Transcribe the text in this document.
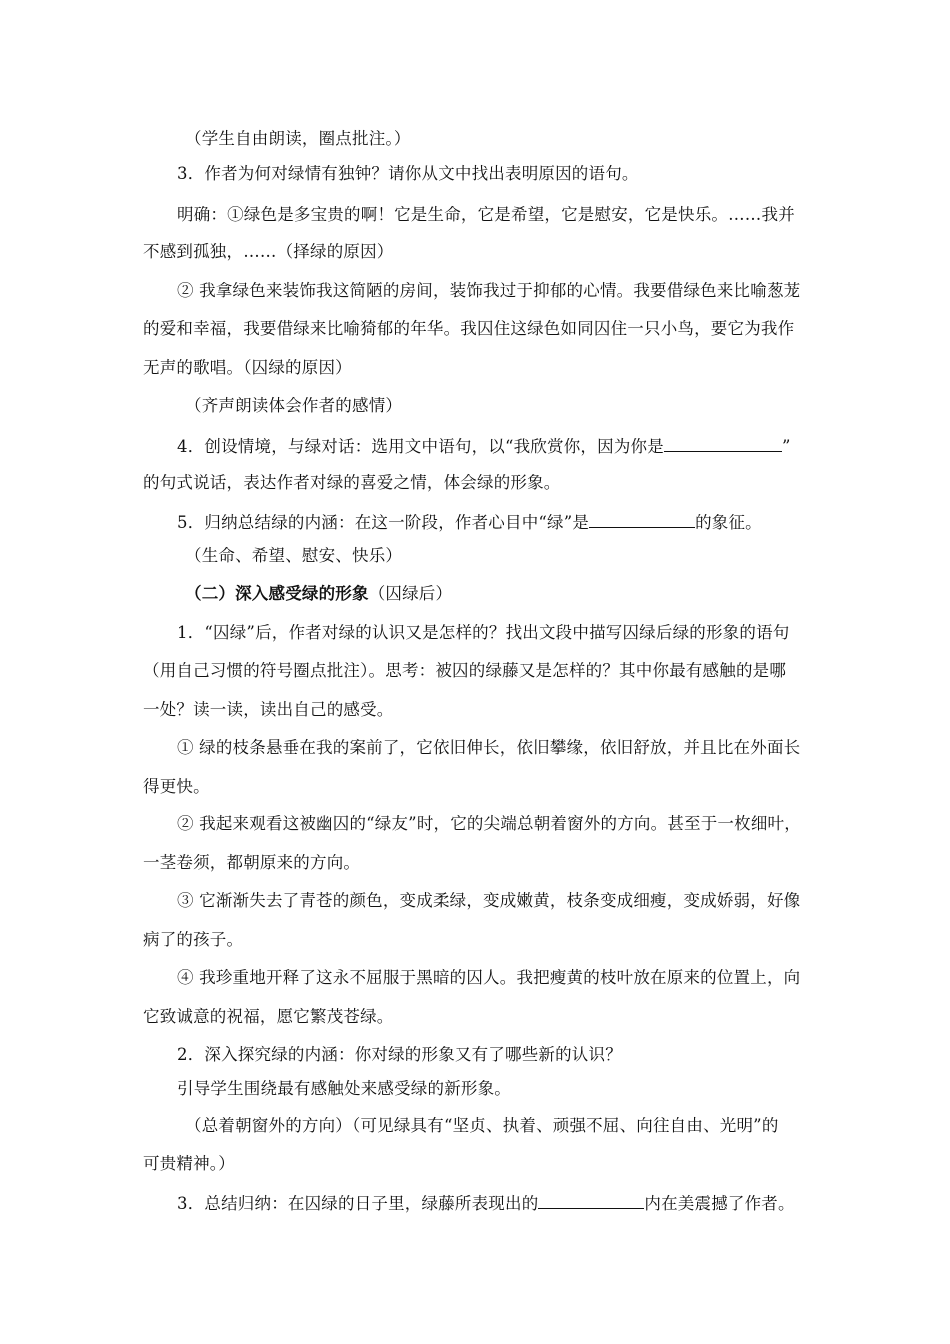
（学生自由朗读，圈点批注。）
3．作者为何对绿情有独钟？请你从文中找出表明原因的语句。
明确：①绿色是多宝贵的啊！它是生命，它是希望，它是慰安，它是快乐。……我并
不感到孤独，……（择绿的原因）
② 我拿绿色来装饰我这简陋的房间，装饰我过于抑郁的心情。我要借绿色来比喻葱茏
的爱和幸福，我要借绿来比喻猗郁的年华。我囚住这绿色如同囚住一只小鸟，要它为我作
无声的歌唱。（囚绿的原因）
（齐声朗读体会作者的感情）
4．创设情境，与绿对话：选用文中语句，以“我欣赏你，因为你是	”
的句式说话，表达作者对绿的喜爱之情，体会绿的形象。
5．归纳总结绿的内涵：在这一阶段，作者心目中“绿”是	的象征。
（生命、希望、慰安、快乐）
（二）深入感受绿的形象（囚绿后）
1．“囚绿”后，作者对绿的认识又是怎样的？找出文段中描写囚绿后绿的形象的语句
（用自己习惯的符号圈点批注）。思考：被囚的绿藤又是怎样的？其中你最有感触的是哪
一处？读一读，读出自己的感受。
① 绿的枝条悬垂在我的案前了，它依旧伸长，依旧攀缘，依旧舒放，并且比在外面长
得更快。
② 我起来观看这被幽囚的“绿友”时，它的尖端总朝着窗外的方向。甚至于一枚细叶，
一茎卷须，都朝原来的方向。
③ 它渐渐失去了青苍的颜色，变成柔绿，变成嫩黄，枝条变成细瘦，变成娇弱，好像
病了的孩子。
④ 我珍重地开释了这永不屈服于黑暗的囚人。我把瘦黄的枝叶放在原来的位置上，向
它致诚意的祝福，愿它繁茂苍绿。
2．深入探究绿的内涵：你对绿的形象又有了哪些新的认识？
引导学生围绕最有感触处来感受绿的新形象。
（总着朝窗外的方向）（可见绿具有“坚贞、执着、顽强不屈、向往自由、光明”的
可贵精神。）
3．总结归纳：在囚绿的日子里，绿藤所表现出的	内在美震撼了作者。
